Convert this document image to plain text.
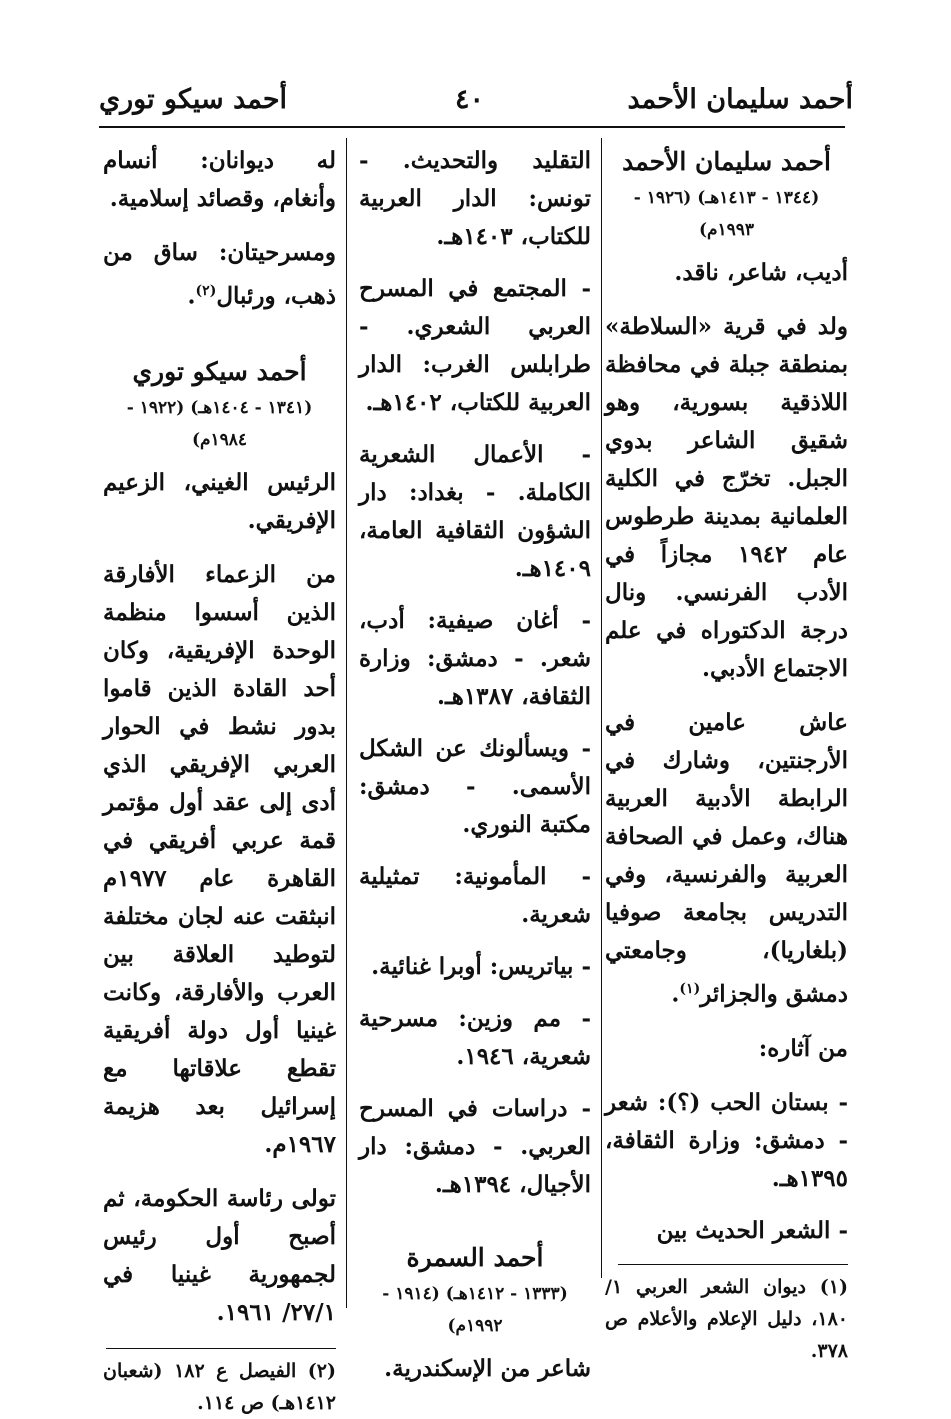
أحمد سليمان الأحمد
٤٠
أحمد سيكو توري
أحمد سليمان الأحمد
(١٣٤٤ - ١٤١٣هـ) (١٩٢٦ - ١٩٩٣م)

أديب، شاعر، ناقد.

ولد في قرية «السلاطة» بمنطقة جبلة في محافظة اللاذقية بسورية، وهو شقيق الشاعر بدوي الجبل. تخرّج في الكلية العلمانية بمدينة طرطوس عام ١٩٤٢ مجازاً في الأدب الفرنسي. ونال درجة الدكتوراه في علم الاجتماع الأدبي.

عاش عامين في الأرجنتين، وشارك في الرابطة الأدبية العربية هناك، وعمل في الصحافة العربية والفرنسية، وفي التدريس بجامعة صوفيا (بلغاريا)، وجامعتي دمشق والجزائر$^{(١)}$.

من آثاره:

- بستان الحب (؟): شعر - دمشق: وزارة الثقافة، ١٣٩٥هـ.

- الشعر الحديث بين

(١) ديوان الشعر العربي ١/ ١٨٠، دليل الإعلام والأعلام ص ٣٧٨.

التقليد والتحديث. - تونس: الدار العربية للكتاب، ١٤٠٣هـ.

- المجتمع في المسرح العربي الشعري. - طرابلس الغرب: الدار العربية للكتاب، ١٤٠٢هـ.

- الأعمال الشعرية الكاملة. - بغداد: دار الشؤون الثقافية العامة، ١٤٠٩هـ.

- أغان صيفية: أدب، شعر. - دمشق: وزارة الثقافة، ١٣٨٧هـ.

- ويسألونك عن الشكل الأسمى. - دمشق: مكتبة النوري.

- المأمونية: تمثيلية شعرية.

- بياتريس: أوبرا غنائية.

- مم وزين: مسرحية شعرية، ١٩٤٦.

- دراسات في المسرح العربي. - دمشق: دار الأجيال، ١٣٩٤هـ.

أحمد السمرة
(١٣٣٣ - ١٤١٢هـ) (١٩١٤ - ١٩٩٢م)

شاعر من الإسكندرية.

له ديوانان: أنسام وأنغام، وقصائد إسلامية.

ومسرحيتان: ساق من ذهب، ورئبال$^{(٢)}$.

أحمد سيكو توري
(١٣٤١ - ١٤٠٤هـ) (١٩٢٢ - ١٩٨٤م)

الرئيس الغيني، الزعيم الإفريقي.

من الزعماء الأفارقة الذين أسسوا منظمة الوحدة الإفريقية، وكان أحد القادة الذين قاموا بدور نشط في الحوار العربي الإفريقي الذي أدى إلى عقد أول مؤتمر قمة عربي أفريقي في القاهرة عام ١٩٧٧م انبثقت عنه لجان مختلفة لتوطيد العلاقة بين العرب والأفارقة، وكانت غينيا أول دولة أفريقية تقطع علاقاتها مع إسرائيل بعد هزيمة ١٩٦٧م.

تولى رئاسة الحكومة، ثم أصبح أول رئيس لجمهورية غينيا في ٢٧/١/ ١٩٦١.

(٢) الفيصل ع ١٨٢ (شعبان ١٤١٢هـ) ص ١١٤.
